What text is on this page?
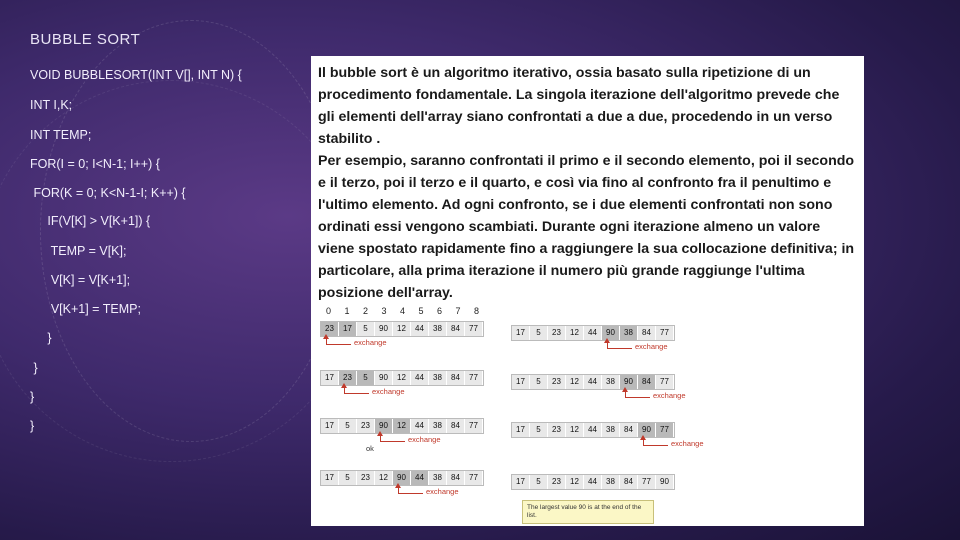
BUBBLE SORT
VOID BUBBLESORT(INT V[], INT N) {
INT I,K;
INT TEMP;
FOR(I = 0; I<N-1; I++) {
FOR(K = 0; K<N-1-I; K++) {
IF(V[K] > V[K+1]) {
TEMP = V[K];
V[K] = V[K+1];
V[K+1] = TEMP;
}
}
}
}

Il bubble sort è un algoritmo iterativo, ossia basato sulla ripetizione di un procedimento fondamentale. La singola iterazione dell'algoritmo prevede che gli elementi dell'array siano confrontati a due a due, procedendo in un verso stabilito .

Per esempio, saranno confrontati il primo e il secondo elemento, poi il secondo e il terzo, poi il terzo e il quarto, e così via fino al confronto fra il penultimo e l'ultimo elemento. Ad ogni confronto, se i due elementi confrontati non sono ordinati essi vengono scambiati. Durante ogni iterazione almeno un valore viene spostato rapidamente fino a raggiungere la sua collocazione definitiva; in particolare, alla prima iterazione il numero più grande raggiunge l'ultima posizione dell'array.

0 1 2 3 4 5 6 7 8
23	17	5	90	12	44	38	84	77
exchange
17	23	5	90	12	44	38	84	77
exchange
17	5	23	90	12	44	38	84	77
exchange
ok
17	5	23	12	90	44	38	84	77
exchange
17	5	23	12	44	90	38	84	77
exchange
17	5	23	12	44	38	90	84	77
exchange
17	5	23	12	44	38	84	90	77
exchange
17	5	23	12	44	38	84	77	90
The largest value 90 is at the end of the list.
